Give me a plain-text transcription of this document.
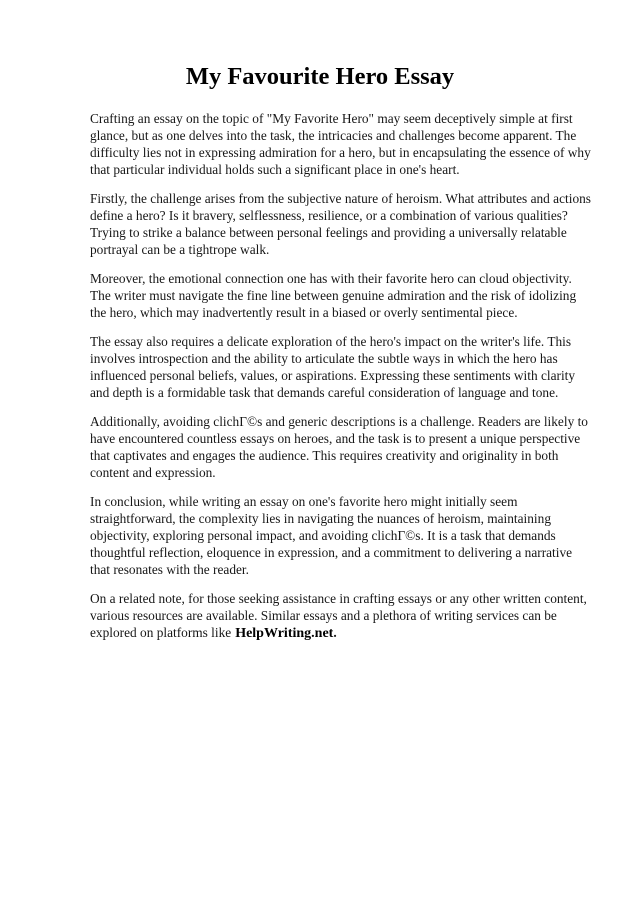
My Favourite Hero Essay

Crafting an essay on the topic of "My Favorite Hero" may seem deceptively simple at first glance, but as one delves into the task, the intricacies and challenges become apparent. The difficulty lies not in expressing admiration for a hero, but in encapsulating the essence of why that particular individual holds such a significant place in one's heart.

Firstly, the challenge arises from the subjective nature of heroism. What attributes and actions define a hero? Is it bravery, selflessness, resilience, or a combination of various qualities? Trying to strike a balance between personal feelings and providing a universally relatable portrayal can be a tightrope walk.

Moreover, the emotional connection one has with their favorite hero can cloud objectivity. The writer must navigate the fine line between genuine admiration and the risk of idolizing the hero, which may inadvertently result in a biased or overly sentimental piece.

The essay also requires a delicate exploration of the hero's impact on the writer's life. This involves introspection and the ability to articulate the subtle ways in which the hero has influenced personal beliefs, values, or aspirations. Expressing these sentiments with clarity and depth is a formidable task that demands careful consideration of language and tone.

Additionally, avoiding clichГ©s and generic descriptions is a challenge. Readers are likely to have encountered countless essays on heroes, and the task is to present a unique perspective that captivates and engages the audience. This requires creativity and originality in both content and expression.

In conclusion, while writing an essay on one's favorite hero might initially seem straightforward, the complexity lies in navigating the nuances of heroism, maintaining objectivity, exploring personal impact, and avoiding clichГ©s. It is a task that demands thoughtful reflection, eloquence in expression, and a commitment to delivering a narrative that resonates with the reader.

On a related note, for those seeking assistance in crafting essays or any other written content, various resources are available. Similar essays and a plethora of writing services can be explored on platforms like HelpWriting.net.
